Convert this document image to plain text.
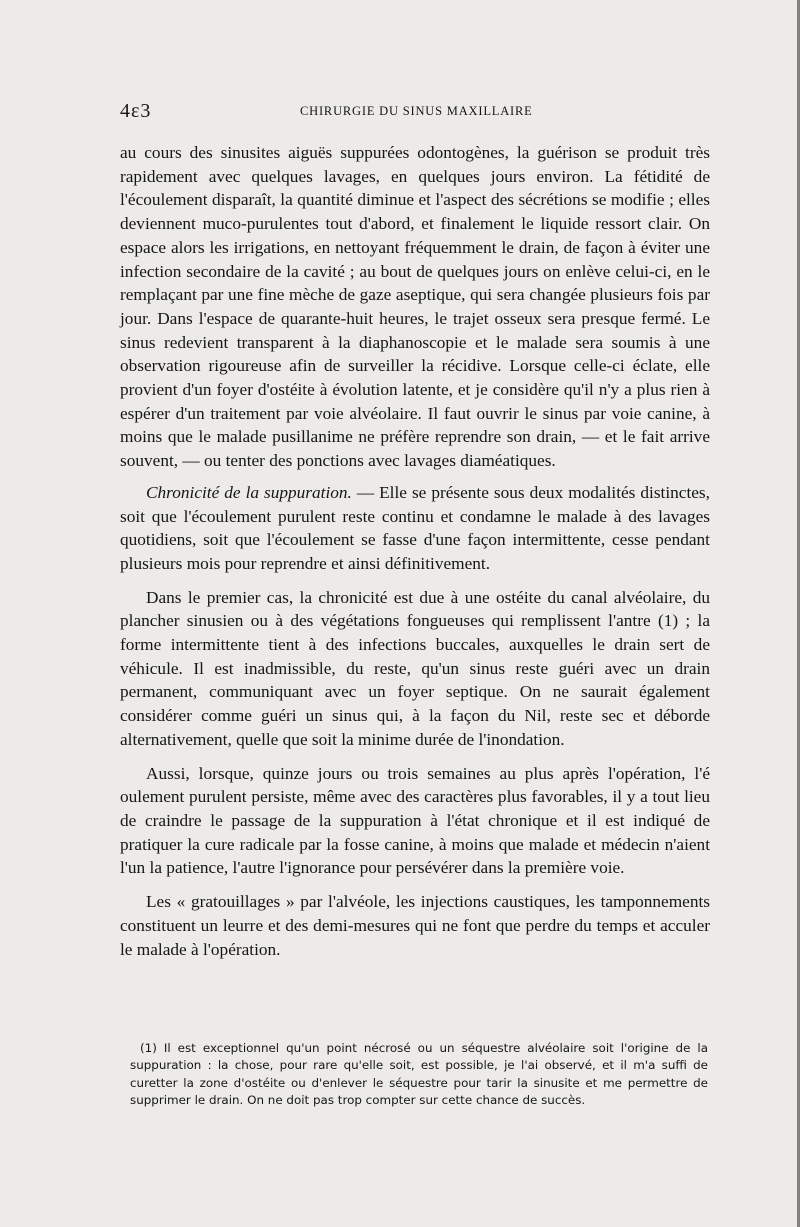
4ε3	CHIRURGIE DU SINUS MAXILLAIRE

au cours des sinusites aiguës suppurées odontogènes, la guérison se produit très rapidement avec quelques lavages, en quelques jours environ. La fétidité de l'écoulement disparaît, la quantité diminue et l'aspect des sécrétions se modifie ; elles deviennent muco-purulentes tout d'abord, et finalement le liquide ressort clair. On espace alors les irrigations, en nettoyant fréquemment le drain, de façon à éviter une infection secondaire de la cavité ; au bout de quelques jours on enlève celui-ci, en le remplaçant par une fine mèche de gaze aseptique, qui sera changée plusieurs fois par jour. Dans l'espace de quarante-huit heures, le trajet osseux sera presque fermé. Le sinus redevient transparent à la diaphanoscopie et le malade sera soumis à une observation rigoureuse afin de surveiller la récidive. Lorsque celle-ci éclate, elle provient d'un foyer d'ostéite à évolution latente, et je considère qu'il n'y a plus rien à espérer d'un traitement par voie alvéolaire. Il faut ouvrir le sinus par voie canine, à moins que le malade pusillanime ne préfère reprendre son drain, — et le fait arrive souvent, — ou tenter des ponctions avec lavages diaméatiques.

Chronicité de la suppuration. — Elle se présente sous deux modalités distinctes, soit que l'écoulement purulent reste continu et condamne le malade à des lavages quotidiens, soit que l'écoulement se fasse d'une façon intermittente, cesse pendant plusieurs mois pour reprendre et ainsi définitivement.

Dans le premier cas, la chronicité est due à une ostéite du canal alvéolaire, du plancher sinusien ou à des végétations fongueuses qui remplissent l'antre (1) ; la forme intermittente tient à des infections buccales, auxquelles le drain sert de véhicule. Il est inadmissible, du reste, qu'un sinus reste guéri avec un drain permanent, communiquant avec un foyer septique. On ne saurait également considérer comme guéri un sinus qui, à la façon du Nil, reste sec et déborde alternativement, quelle que soit la minime durée de l'inondation.

Aussi, lorsque, quinze jours ou trois semaines au plus après l'opération, l'é oulement purulent persiste, même avec des caractères plus favorables, il y a tout lieu de craindre le passage de la suppuration à l'état chronique et il est indiqué de pratiquer la cure radicale par la fosse canine, à moins que malade et médecin n'aient l'un la patience, l'autre l'ignorance pour persévérer dans la première voie.

Les « gratouillages » par l'alvéole, les injections caustiques, les tamponnements constituent un leurre et des demi-mesures qui ne font que perdre du temps et acculer le malade à l'opération.

(1) Il est exceptionnel qu'un point nécrosé ou un séquestre alvéolaire soit l'origine de la suppuration : la chose, pour rare qu'elle soit, est possible, je l'ai observé, et il m'a suffi de curetter la zone d'ostéite ou d'enlever le séquestre pour tarir la sinusite et me permettre de supprimer le drain. On ne doit pas trop compter sur cette chance de succès.
